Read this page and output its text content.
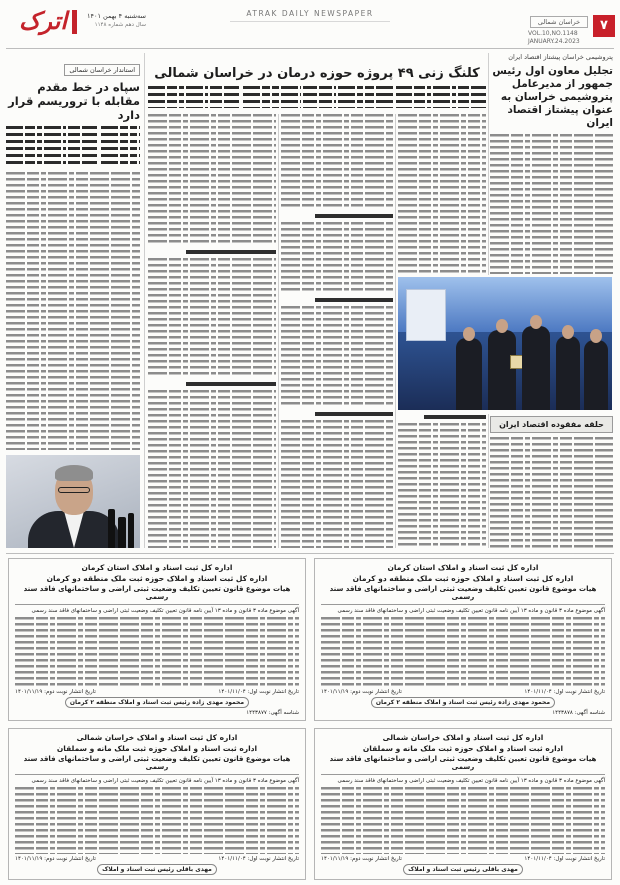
اترک	سه‌شنبه ۴ بهمن ۱۴۰۱
سال دهم شماره ۱۱۴۸
ATRAK DAILY NEWSPAPER
خراسان شمالی	۷
VOL.10,NO.1148
JANUARY.24.2023
پتروشیمی خراسان پیشتاز اقتصاد ایران
تجلیل معاون اول رئیس جمهور از مدیرعامل پتروشیمی خراسان به عنوان پیشتاز اقتصاد ایران
حلقه مفقوده اقتصاد ایران
کلنگ زنی ۴۹ پروژه حوزه درمان در خراسان شمالی
استاندار خراسان شمالی
سپاه در خط مقدم مقابله با تروریسم قرار دارد
اداره کل ثبت اسناد و املاک استان کرمان
اداره کل ثبت اسناد و املاک حوزه ثبت ملک منطقه دو کرمان
هیات موضوع قانون تعیین تکلیف وضعیت ثبتی اراضی و ساختمانهای فاقد سند رسمی
آگهی موضوع ماده ۳ قانون و ماده ۱۳ آیین نامه قانون تعیین تکلیف وضعیت ثبتی اراضی و ساختمانهای فاقد سند رسمی
تاریخ انتشار نوبت اول: ۱۴۰۱/۱۱/۰۴
تاریخ انتشار نوبت دوم: ۱۴۰۱/۱۱/۱۹
محمود مهدی زاده رئیس ثبت اسناد و املاک منطقه ۲ کرمان
شناسه آگهی: ۱۴۴۳۸۷۸
اداره کل ثبت اسناد و املاک استان کرمان
اداره کل ثبت اسناد و املاک حوزه ثبت ملک منطقه دو کرمان
هیات موضوع قانون تعیین تکلیف وضعیت ثبتی اراضی و ساختمانهای فاقد سند رسمی
آگهی موضوع ماده ۳ قانون و ماده ۱۳ آیین نامه قانون تعیین تکلیف وضعیت ثبتی اراضی و ساختمانهای فاقد سند رسمی
تاریخ انتشار نوبت اول: ۱۴۰۱/۱۱/۰۴
تاریخ انتشار نوبت دوم: ۱۴۰۱/۱۱/۱۹
محمود مهدی زاده رئیس ثبت اسناد و املاک منطقه ۲ کرمان
شناسه آگهی: ۱۴۴۳۸۷۷
اداره کل ثبت اسناد و املاک خراسان شمالی
اداره ثبت اسناد و املاک حوزه ثبت ملک مانه و سملقان
هیات موضوع قانون تعیین تکلیف وضعیت ثبتی اراضی و ساختمانهای فاقد سند رسمی
آگهی موضوع ماده ۳ قانون و ماده ۱۳ آیین نامه قانون تعیین تکلیف وضعیت ثبتی اراضی و ساختمانهای فاقد سند رسمی
تاریخ انتشار نوبت اول: ۱۴۰۱/۱۱/۰۴
تاریخ انتشار نوبت دوم: ۱۴۰۱/۱۱/۱۹
مهدی باقلی رئیس ثبت اسناد و املاک
اداره کل ثبت اسناد و املاک خراسان شمالی
اداره ثبت اسناد و املاک حوزه ثبت ملک مانه و سملقان
هیات موضوع قانون تعیین تکلیف وضعیت ثبتی اراضی و ساختمانهای فاقد سند رسمی
آگهی موضوع ماده ۳ قانون و ماده ۱۳ آیین نامه قانون تعیین تکلیف وضعیت ثبتی اراضی و ساختمانهای فاقد سند رسمی
تاریخ انتشار نوبت اول: ۱۴۰۱/۱۱/۰۴
تاریخ انتشار نوبت دوم: ۱۴۰۱/۱۱/۱۹
مهدی باقلی رئیس ثبت اسناد و املاک
